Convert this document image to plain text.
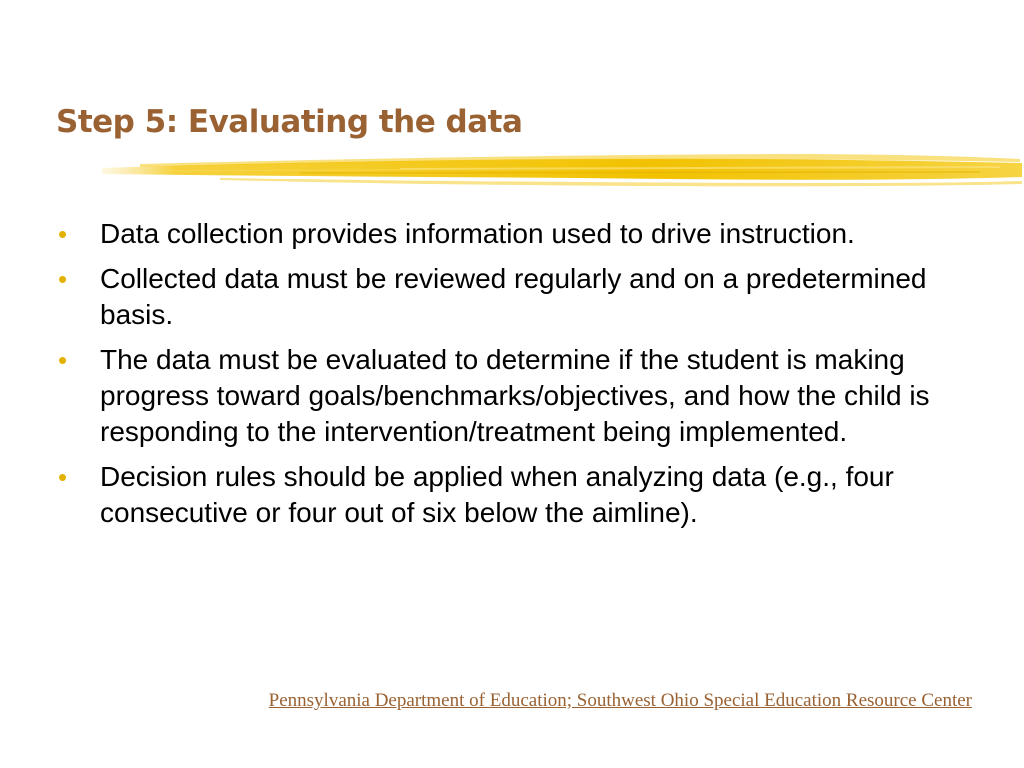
Step 5: Evaluating the data
• Data collection provides information used to drive instruction.
• Collected data must be reviewed regularly and on a predetermined basis.
• The data must be evaluated to determine if the student is making progress toward goals/benchmarks/objectives, and how the child is responding to the intervention/treatment being implemented.
• Decision rules should be applied when analyzing data (e.g., four consecutive or four out of six below the aimline).
Pennsylvania Department of Education; Southwest Ohio Special Education Resource Center
